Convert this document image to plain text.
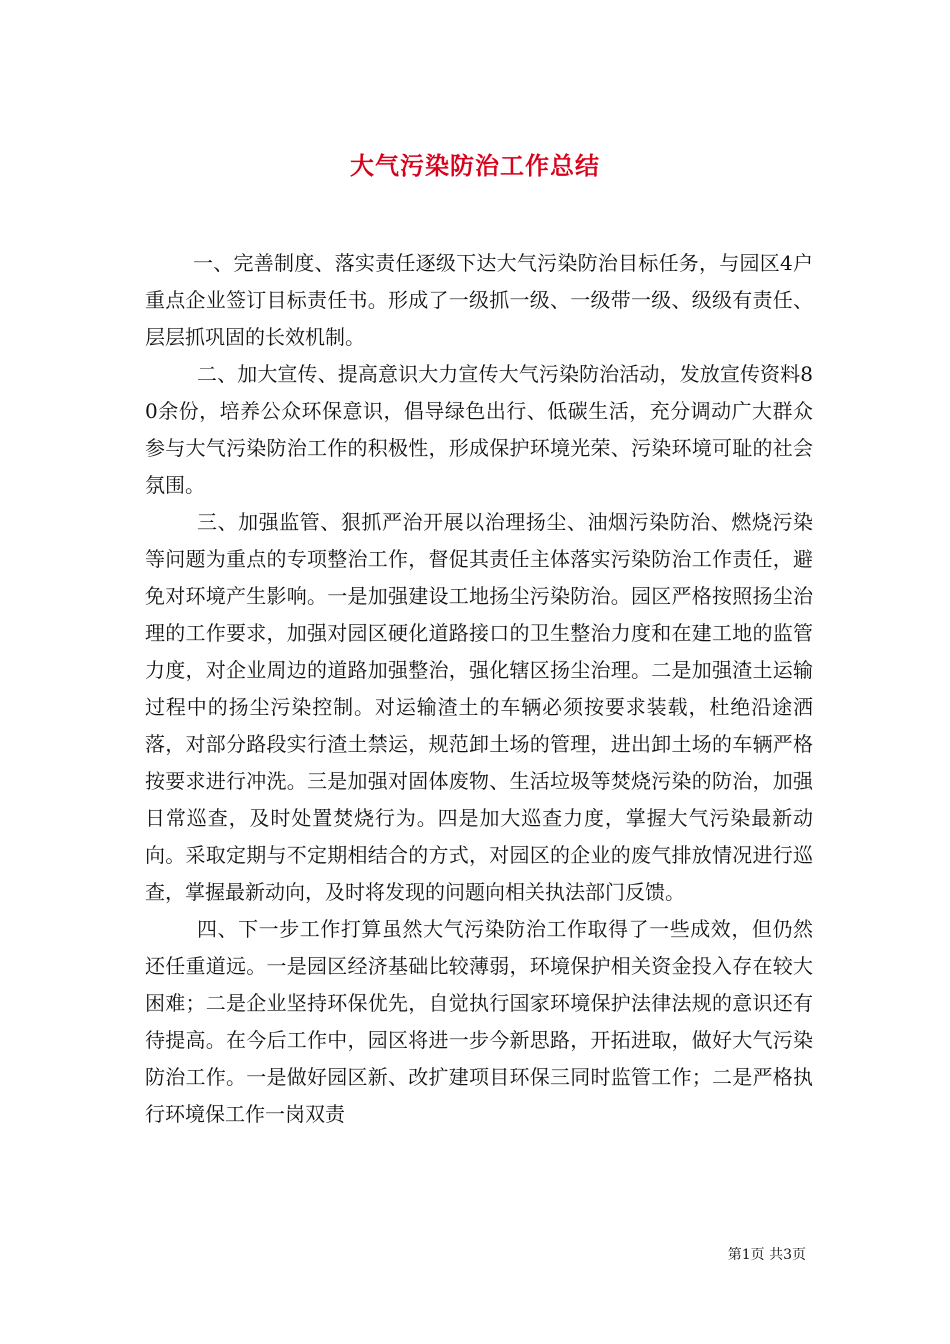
大气污染防治工作总结

一、完善制度、落实责任逐级下达大气污染防治目标任务，与园区4户重点企业签订目标责任书。形成了一级抓一级、一级带一级、级级有责任、层层抓巩固的长效机制。

二、加大宣传、提高意识大力宣传大气污染防治活动，发放宣传资料80余份，培养公众环保意识，倡导绿色出行、低碳生活，充分调动广大群众参与大气污染防治工作的积极性，形成保护环境光荣、污染环境可耻的社会氛围。

三、加强监管、狠抓严治开展以治理扬尘、油烟污染防治、燃烧污染等问题为重点的专项整治工作，督促其责任主体落实污染防治工作责任，避免对环境产生影响。一是加强建设工地扬尘污染防治。园区严格按照扬尘治理的工作要求，加强对园区硬化道路接口的卫生整治力度和在建工地的监管力度，对企业周边的道路加强整治，强化辖区扬尘治理。二是加强渣土运输过程中的扬尘污染控制。对运输渣土的车辆必须按要求装载，杜绝沿途洒落，对部分路段实行渣土禁运，规范卸土场的管理，进出卸土场的车辆严格按要求进行冲洗。三是加强对固体废物、生活垃圾等焚烧污染的防治，加强日常巡查，及时处置焚烧行为。四是加大巡查力度，掌握大气污染最新动向。采取定期与不定期相结合的方式，对园区的企业的废气排放情况进行巡查，掌握最新动向，及时将发现的问题向相关执法部门反馈。

四、下一步工作打算虽然大气污染防治工作取得了一些成效，但仍然还任重道远。一是园区经济基础比较薄弱，环境保护相关资金投入存在较大困难；二是企业坚持环保优先，自觉执行国家环境保护法律法规的意识还有待提高。在今后工作中，园区将进一步今新思路，开拓进取，做好大气污染防治工作。一是做好园区新、改扩建项目环保三同时监管工作；二是严格执行环境保工作一岗双责

第1页 共3页
